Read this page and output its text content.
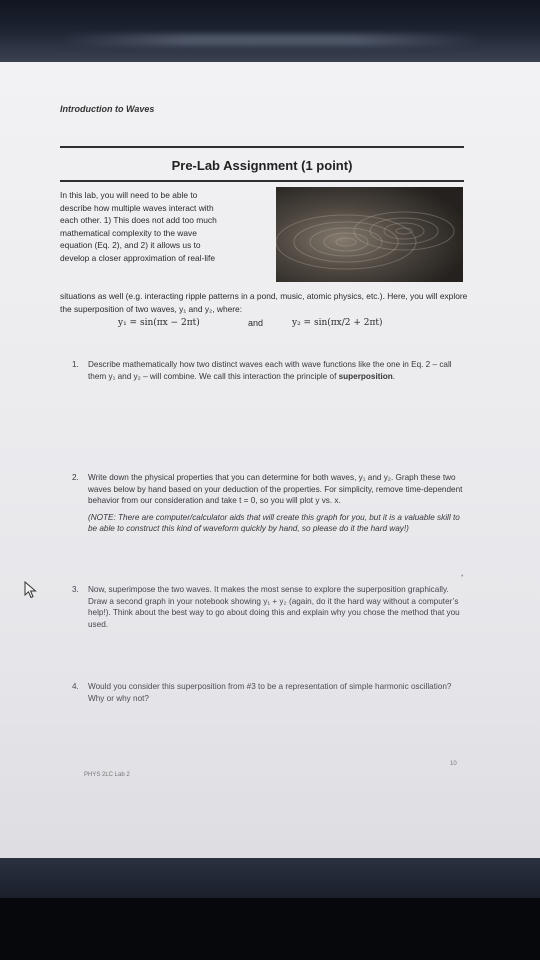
Introduction to Waves
Pre-Lab Assignment (1 point)
In this lab, you will need to be able to
describe how multiple waves interact with
each other. 1) This does not add too much
mathematical complexity to the wave
equation (Eq. 2), and 2) it allows us to
develop a closer approximation of real-life
situations as well (e.g. interacting ripple patterns in a pond, music, atomic physics, etc.). Here, you will explore the superposition of two waves, y₁ and y₂, where:
y₁ = sin(πx − 2πt)	and	y₂ = sin(πx/2 + 2πt)
1. Describe mathematically how two distinct waves each with wave functions like the one in Eq. 2 – call them y₁ and y₂ – will combine. We call this interaction the principle of superposition.
2. Write down the physical properties that you can determine for both waves, y₁ and y₂. Graph these two waves below by hand based on your deduction of the properties. For simplicity, remove time-dependent behavior from our consideration and take t = 0, so you will plot y vs. x.
(NOTE: There are computer/calculator aids that will create this graph for you, but it is a valuable skill to be able to construct this kind of waveform quickly by hand, so please do it the hard way!)
3. Now, superimpose the two waves. It makes the most sense to explore the superposition graphically. Draw a second graph in your notebook showing y₁ + y₂ (again, do it the hard way without a computer’s help!). Think about the best way to go about doing this and explain why you chose the method that you used.
4. Would you consider this superposition from #3 to be a representation of simple harmonic oscillation? Why or why not?
PHYS 2LC Lab 2
10
•
